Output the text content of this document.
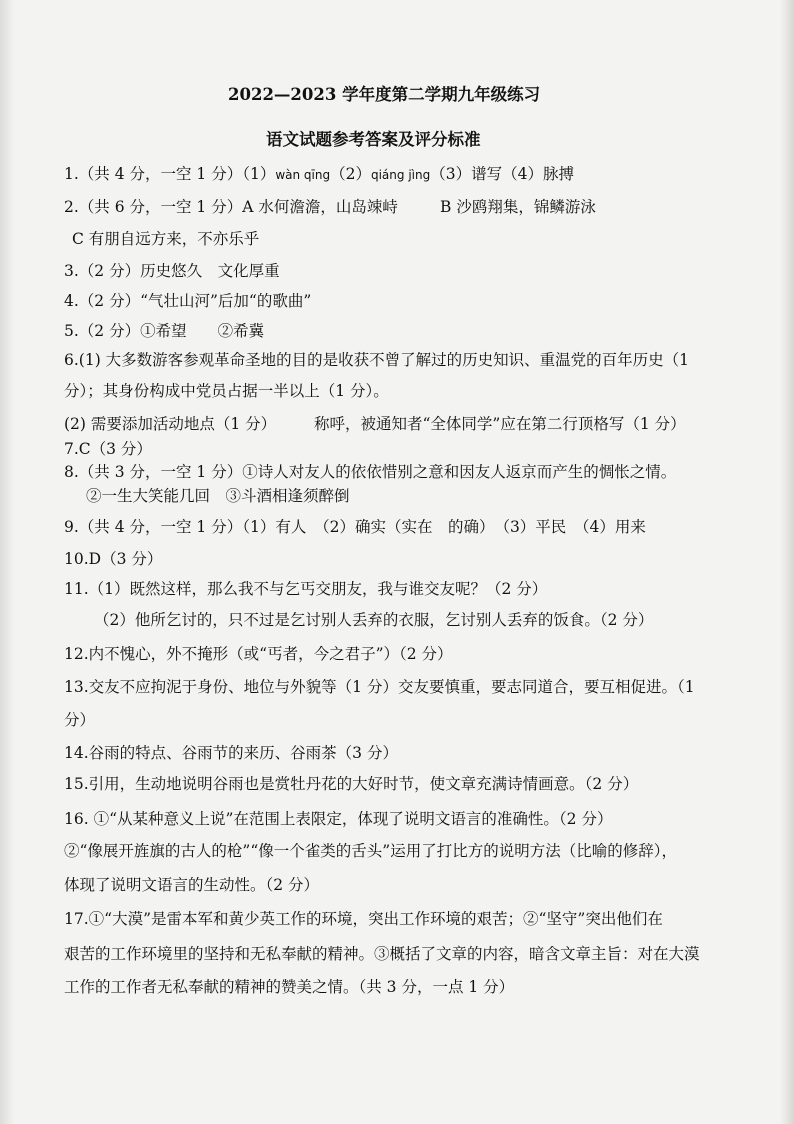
2022—2023 学年度第二学期九年级练习
语文试题参考答案及评分标准
1.（共 4 分，一空 1 分）（1）wàn qīng（2）qiáng jìng（3）谱写（4）脉搏
2.（共 6 分，一空 1 分）A 水何澹澹，山岛竦峙	B 沙鸥翔集，锦鳞游泳
C 有朋自远方来，不亦乐乎
3.（2 分）历史悠久　文化厚重
4.（2 分）“气壮山河”后加“的歌曲”
5.（2 分）①希望　　②希冀
6.(1) 大多数游客参观革命圣地的目的是收获不曾了解过的历史知识、重温党的百年历史（1
分）；其身份构成中党员占据一半以上（1 分）。
(2) 需要添加活动地点（1 分） 称呼，被通知者“全体同学”应在第二行顶格写（1 分）
7.C（3 分）
8.（共 3 分，一空 1 分）①诗人对友人的依依惜别之意和因友人返京而产生的惆怅之情。
②一生大笑能几回　③斗酒相逢须醉倒
9.（共 4 分，一空 1 分）（1）有人　（2）确实（实在　的确）　（3）平民　（4）用来
10.D（3 分）
11.（1）既然这样，那么我不与乞丐交朋友，我与谁交友呢？（2 分）
（2）他所乞讨的，只不过是乞讨别人丢弃的衣服，乞讨别人丢弃的饭食。（2 分）
12.内不愧心，外不掩形（或“丐者，今之君子”）（2 分）
13.交友不应拘泥于身份、地位与外貌等（1 分）交友要慎重，要志同道合，要互相促进。（1
分）
14.谷雨的特点、谷雨节的来历、谷雨茶（3 分）
15.引用，生动地说明谷雨也是赏牡丹花的大好时节，使文章充满诗情画意。（2 分）
16. ①“从某种意义上说”在范围上表限定，体现了说明文语言的准确性。（2 分）
②“像展开旌旗的古人的枪”“像一个雀类的舌头”运用了打比方的说明方法（比喻的修辞），
体现了说明文语言的生动性。（2 分）
17.①“大漠”是雷本军和黄少英工作的环境，突出工作环境的艰苦；②“坚守”突出他们在
艰苦的工作环境里的坚持和无私奉献的精神。③概括了文章的内容，暗含文章主旨：对在大漠
工作的工作者无私奉献的精神的赞美之情。（共 3 分，一点 1 分）
